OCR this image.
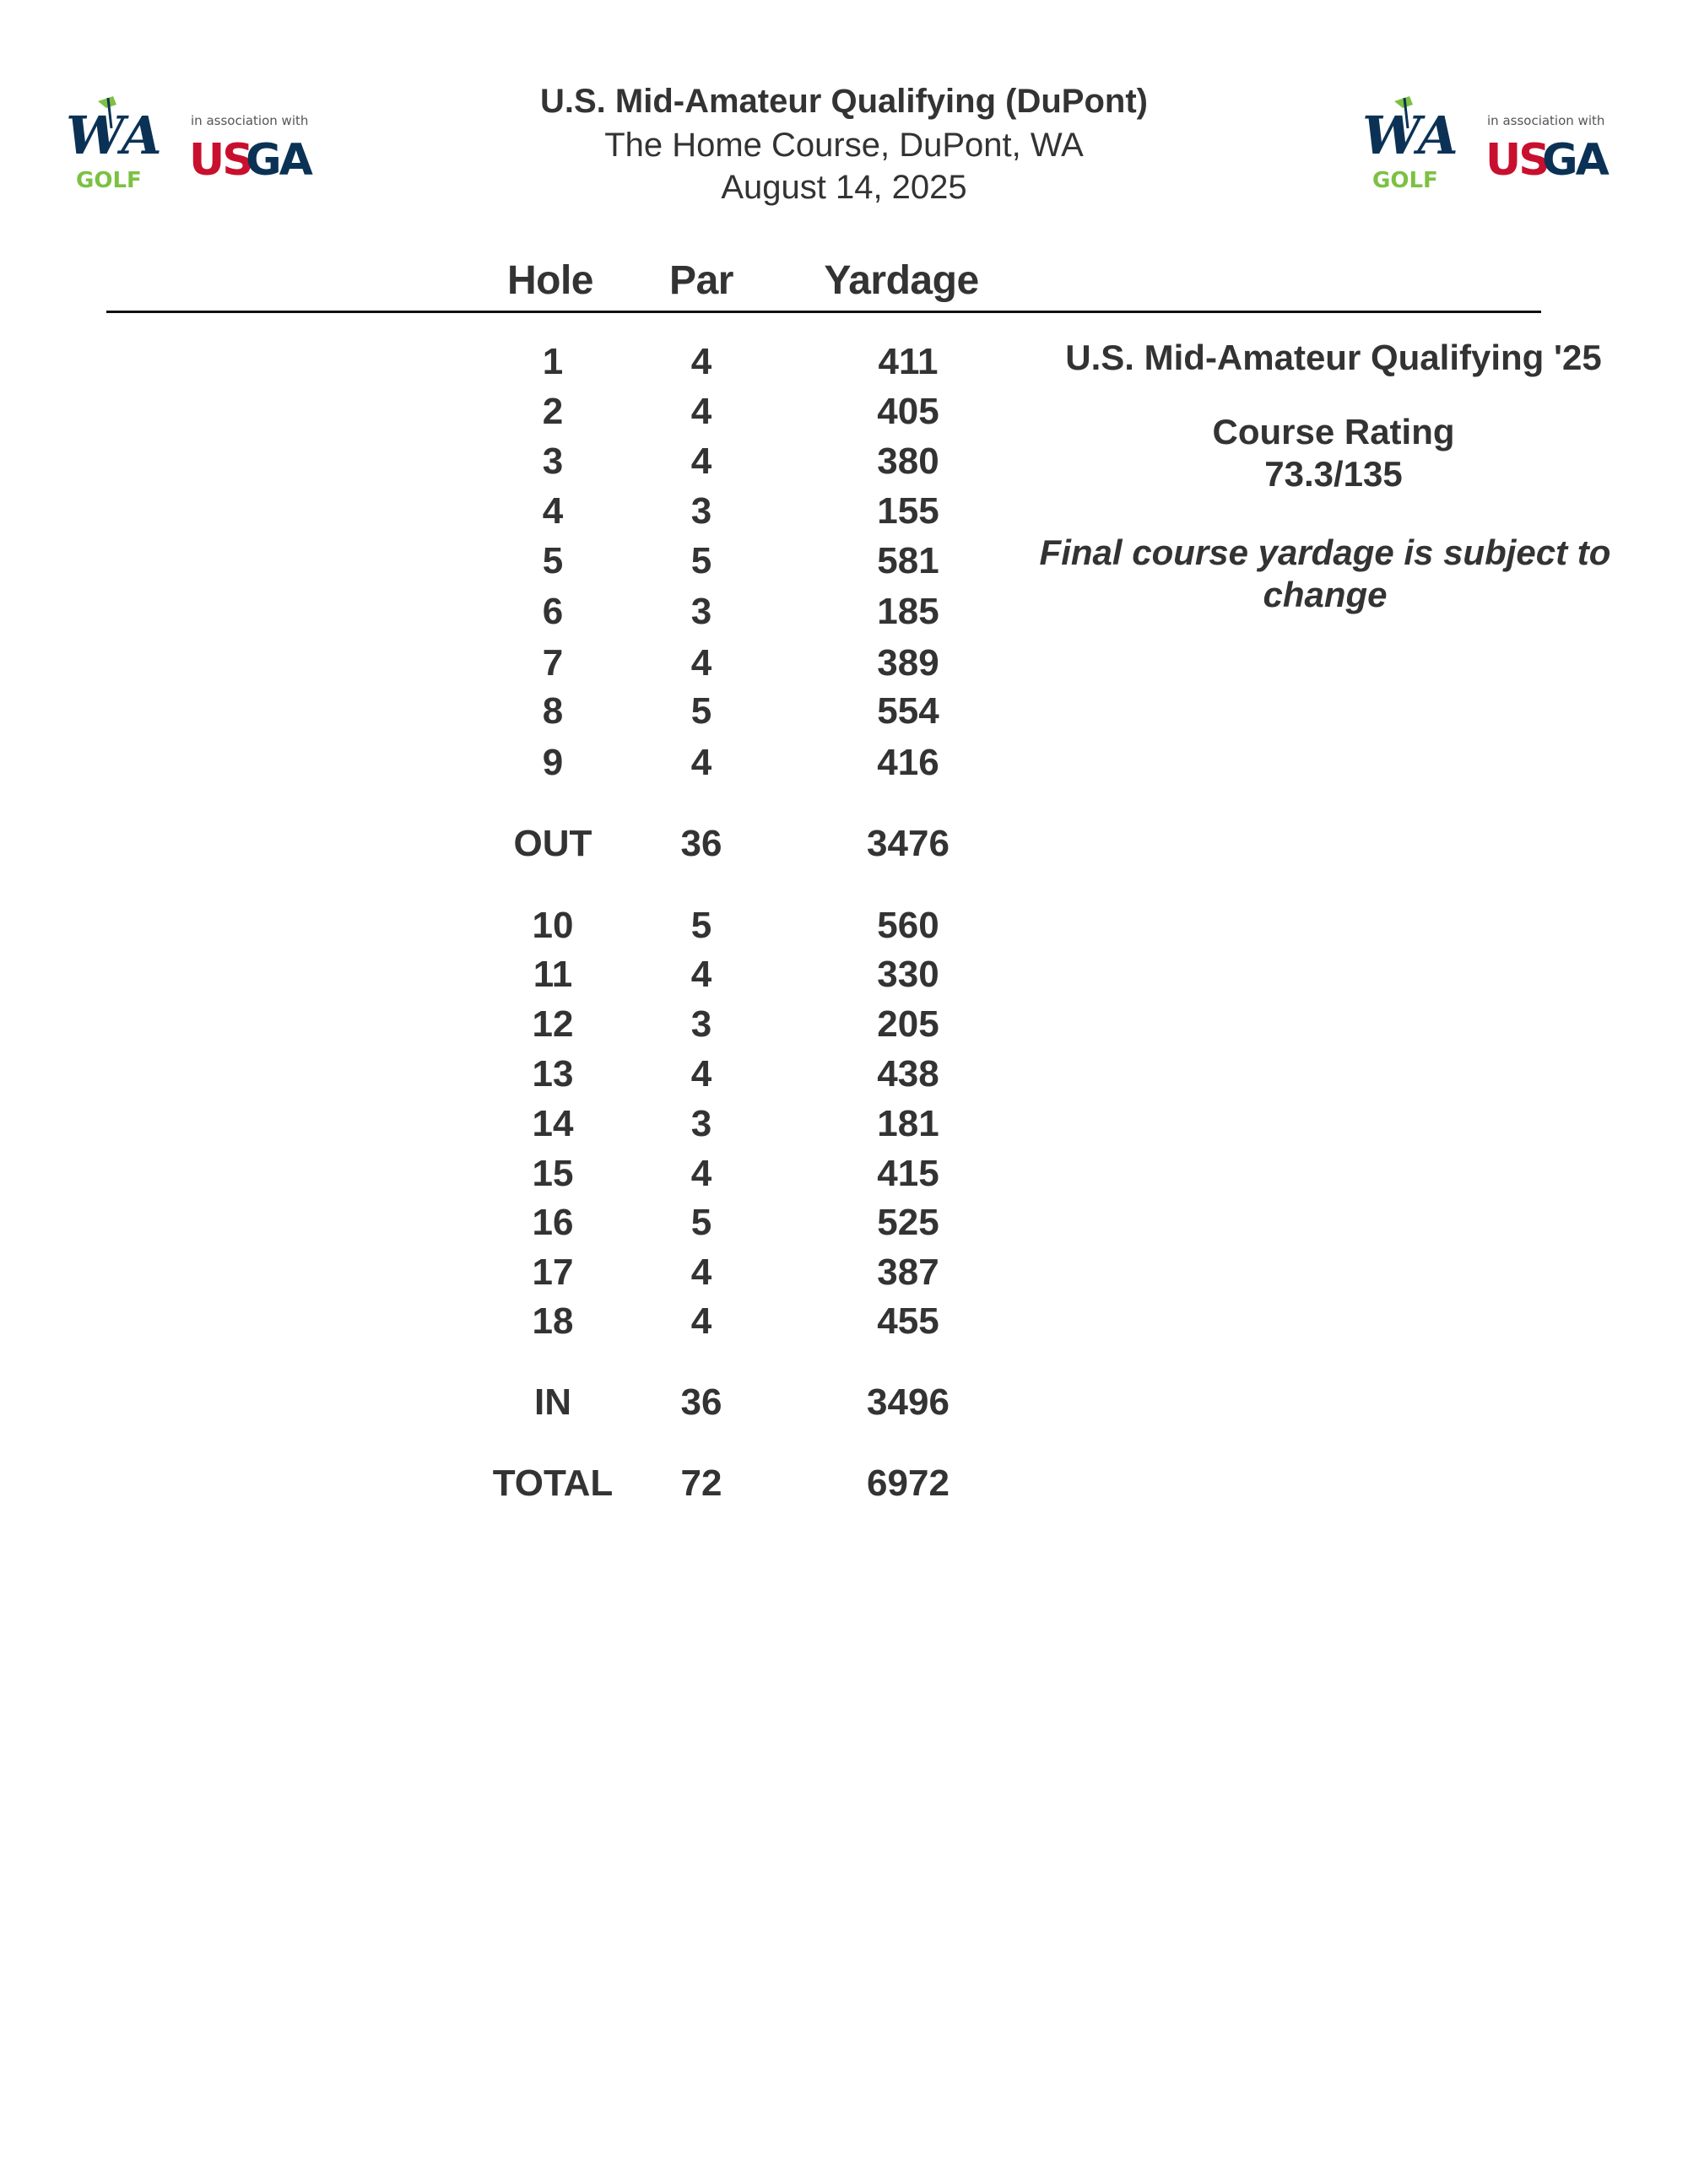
WA
GOLF
in association with
US
GA	WA
GOLF
in association with
US
GA
U.S. Mid-Amateur Qualifying (DuPont)
The Home Course, DuPont, WA
August 14, 2025
Hole	Par	Yardage
1	4	411
2	4	405
3	4	380
4	3	155
5	5	581
6	3	185
7	4	389
8	5	554
9	4	416
OUT	36	3476
10	5	560
11	4	330
12	3	205
13	4	438
14	3	181
15	4	415
16	5	525
17	4	387
18	4	455
IN	36	3496
TOTAL	72	6972
U.S. Mid-Amateur Qualifying '25
Course Rating
73.3/135
Final course yardage is subject to change
